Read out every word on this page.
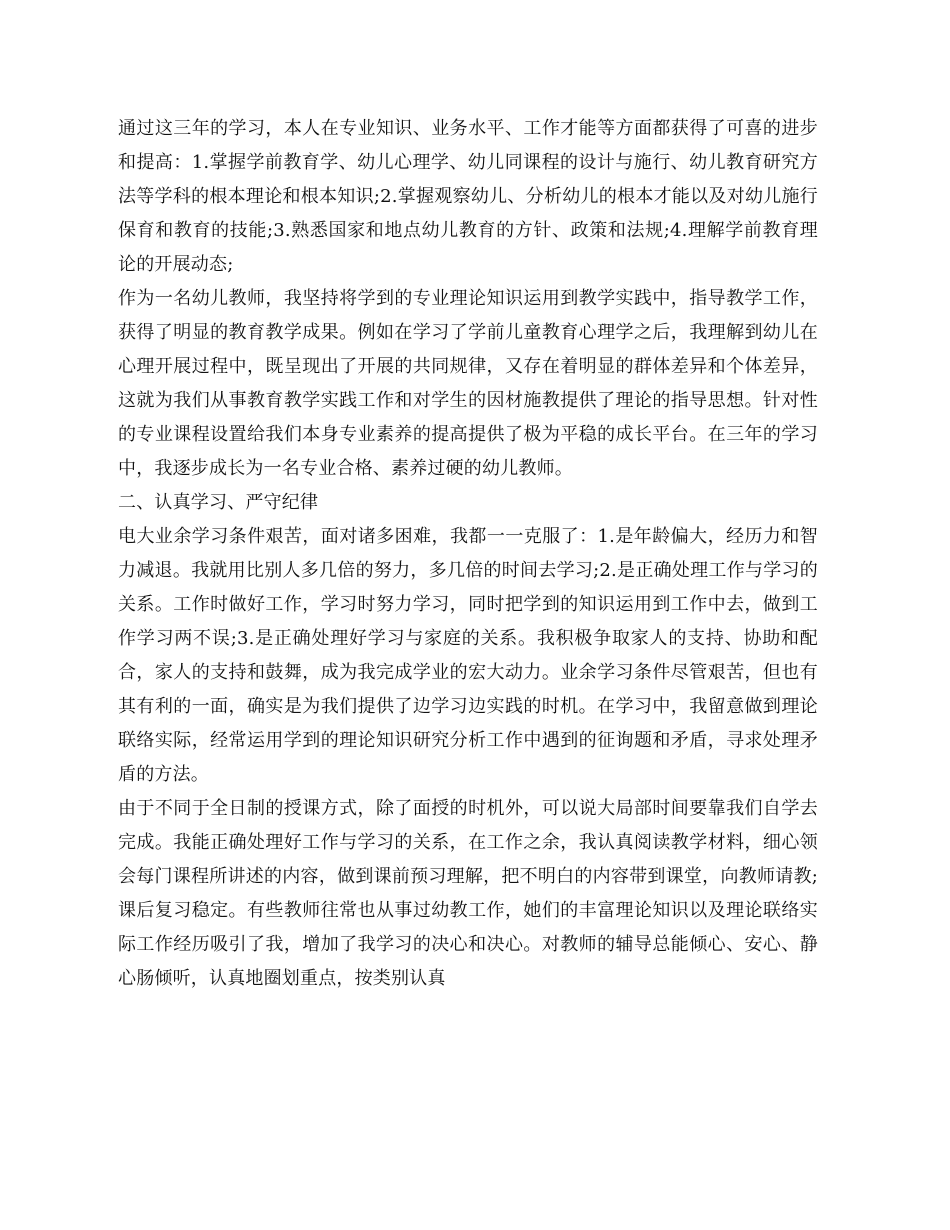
通过这三年的学习，本人在专业知识、业务水平、工作才能等方面都获得了可喜的进步和提高：1.掌握学前教育学、幼儿心理学、幼儿同课程的设计与施行、幼儿教育研究方法等学科的根本理论和根本知识;2.掌握观察幼儿、分析幼儿的根本才能以及对幼儿施行保育和教育的技能;3.熟悉国家和地点幼儿教育的方针、政策和法规;4.理解学前教育理论的开展动态;

作为一名幼儿教师，我坚持将学到的专业理论知识运用到教学实践中，指导教学工作，获得了明显的教育教学成果。例如在学习了学前儿童教育心理学之后，我理解到幼儿在心理开展过程中，既呈现出了开展的共同规律，又存在着明显的群体差异和个体差异，这就为我们从事教育教学实践工作和对学生的因材施教提供了理论的指导思想。针对性的专业课程设置给我们本身专业素养的提高提供了极为平稳的成长平台。在三年的学习中，我逐步成长为一名专业合格、素养过硬的幼儿教师。

二、认真学习、严守纪律

电大业余学习条件艰苦，面对诸多困难，我都一一克服了：1.是年龄偏大，经历力和智力减退。我就用比别人多几倍的努力，多几倍的时间去学习;2.是正确处理工作与学习的关系。工作时做好工作，学习时努力学习，同时把学到的知识运用到工作中去，做到工作学习两不误;3.是正确处理好学习与家庭的关系。我积极争取家人的支持、协助和配合，家人的支持和鼓舞，成为我完成学业的宏大动力。业余学习条件尽管艰苦，但也有其有利的一面，确实是为我们提供了边学习边实践的时机。在学习中，我留意做到理论联络实际，经常运用学到的理论知识研究分析工作中遇到的征询题和矛盾，寻求处理矛盾的方法。

由于不同于全日制的授课方式，除了面授的时机外，可以说大局部时间要靠我们自学去完成。我能正确处理好工作与学习的关系，在工作之余，我认真阅读教学材料，细心领会每门课程所讲述的内容，做到课前预习理解，把不明白的内容带到课堂，向教师请教;课后复习稳定。有些教师往常也从事过幼教工作，她们的丰富理论知识以及理论联络实际工作经历吸引了我，增加了我学习的决心和决心。对教师的辅导总能倾心、安心、静心肠倾听，认真地圈划重点，按类别认真
